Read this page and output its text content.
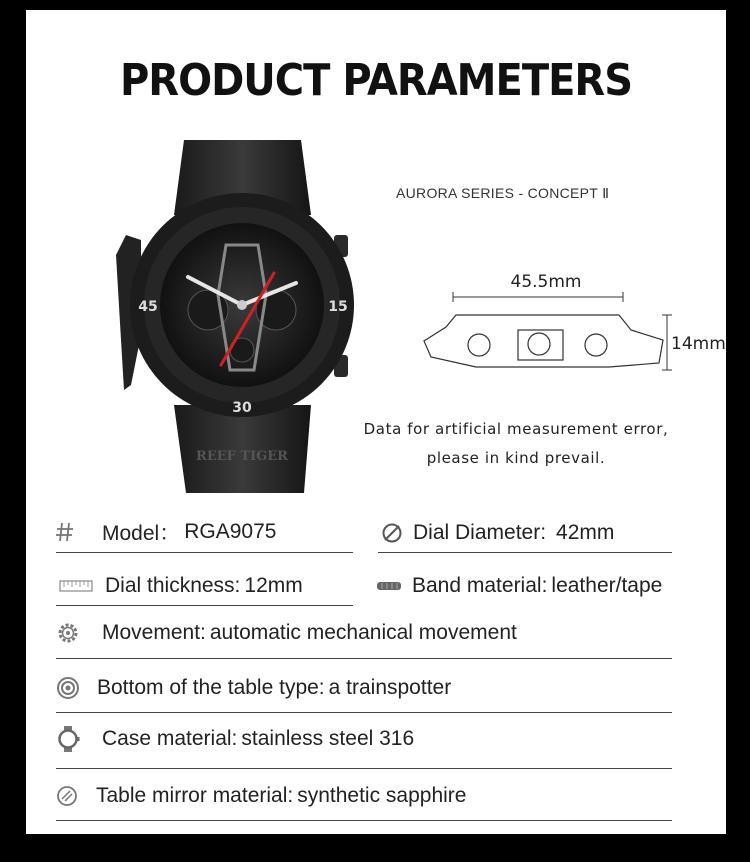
PRODUCT PARAMETERS
REEF TIGER
45	15
30
AURORA SERIES - CONCEPT Ⅱ
45.5mm
14mm
Data for artificial measurement error,
please in kind prevail.
Model： RGA9075	Dial Diameter: 42mm
Dial thickness: 12mm	Band material: leather/tape
Movement: automatic mechanical movement
Bottom of the table type: a trainspotter
Case material: stainless steel 316
Table mirror material: synthetic sapphire
